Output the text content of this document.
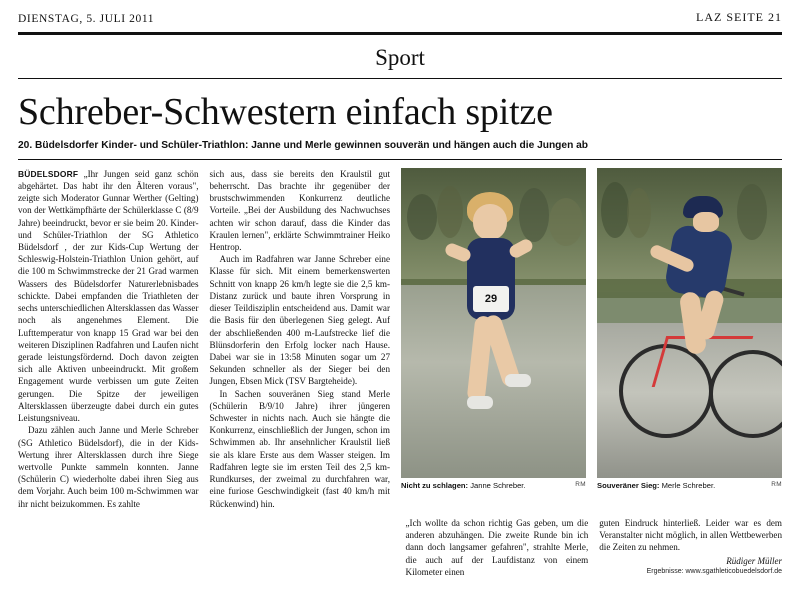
DIENSTAG, 5. JULI 2011	LAZ SEITE 21
Sport
Schreber-Schwestern einfach spitze
20. Büdelsdorfer Kinder- und Schüler-Triathlon: Janne und Merle gewinnen souverän und hängen auch die Jungen ab

BÜDELSDORF „Ihr Jungen seid ganz schön abgehärtet. Das habt ihr den Älteren voraus", zeigte sich Moderator Gunnar Werther (Gelting) von der Wettkämpfhärte der Schülerklasse C (8/9 Jahre) beeindruckt, bevor er sie beim 20. Kinder- und Schüler-Triathlon der SG Athletico Büdelsdorf , der zur Kids-Cup Wertung der Schleswig-Holstein-Triathlon Union gehört, auf die 100 m Schwimmstrecke der 21 Grad warmen Wassers des Büdelsdorfer Naturerlebnisbades schickte. Dabei empfanden die Triathleten der sechs unterschiedlichen Altersklassen das Wasser noch als angenehmes Element. Die Lufttemperatur von knapp 15 Grad war bei den weiteren Disziplinen Radfahren und Laufen nicht gerade leistungsfördernd. Doch davon zeigten sich alle Aktiven unbeeindruckt. Mit großem Engagement wurde verbissen um gute Zeiten gerungen. Die Spitze der jeweiligen Altersklassen überzeugte dabei durch ein gutes Leistungsniveau.

Dazu zählen auch Janne und Merle Schreber (SG Athletico Büdelsdorf), die in der Kids-Wertung ihrer Altersklassen durch ihre Siege wertvolle Punkte sammeln konnten. Janne (Schülerin C) wiederholte dabei ihren Sieg aus dem Vorjahr. Auch beim 100 m-Schwimmen war ihr nicht beizukommen. Es zahlte

sich aus, dass sie bereits den Kraulstil gut beherrscht. Das brachte ihr gegenüber der brustschwimmenden Konkurrenz deutliche Vorteile. „Bei der Ausbildung des Nachwuchses achten wir schon darauf, dass die Kinder das Kraulen lernen", erklärte Schwimmtrainer Heiko Hentrop.

Auch im Radfahren war Janne Schreber eine Klasse für sich. Mit einem bemerkenswerten Schnitt von knapp 26 km/h legte sie die 2,5 km-Distanz zurück und baute ihren Vorsprung in dieser Teildisziplin entscheidend aus. Damit war die Basis für den überlegenen Sieg gelegt. Auf der abschließenden 400 m-Laufstrecke lief die Blünsdorferin den Erfolg locker nach Hause. Dabei war sie in 13:58 Minuten sogar um 27 Sekunden schneller als der Sieger bei den Jungen, Ebsen Mick (TSV Bargteheide).

In Sachen souveränen Sieg stand Merle (Schülerin B/9/10 Jahre) ihrer jüngeren Schwester in nichts nach. Auch sie hängte die Konkurrenz, einschließlich der Jungen, schon im Schwimmen ab. Ihr ansehnlicher Kraulstil ließ sie als klare Erste aus dem Wasser steigen. Im Radfahren legte sie im ersten Teil des 2,5 km-Rundkurses, der zweimal zu durchfahren war, eine furiose Geschwindigkeit (fast 40 km/h mit Rückenwind) hin.

29
Nicht zu schlagen: Janne Schreber.	RM Souveräner Sieg: Merle Schreber.	RM

„Ich wollte da schon richtig Gas geben, um die anderen abzuhängen. Die zweite Runde bin ich dann doch langsamer gefahren", strahlte Merle, die auch auf der Laufdistanz von einem Kilometer einen

guten Eindruck hinterließ. Leider war es dem Veranstalter nicht möglich, in allen Wettbewerben die Zeiten zu nehmen.

Rüdiger Müller
Ergebnisse: www.sgathleticobuedelsdorf.de
